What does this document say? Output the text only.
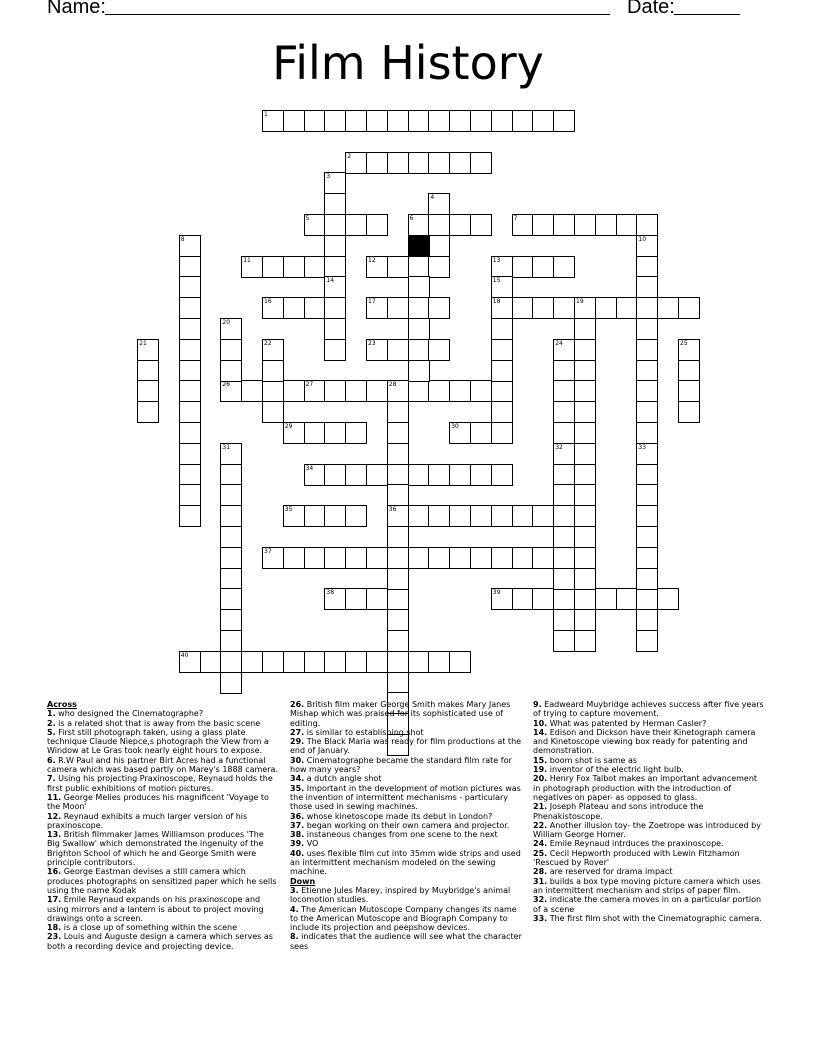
Name:	Date:
Film History
1
2
3
4
5	6	7
8	9	10
11	12	13
14	15
16	17	18	19
20
21	22	23	24	25
26	27	28
29	30
31	32	33
34
35	36
37
38	39
40
Across
1. who designed the Cinematographe?
2. is a related shot that is away from the basic scene
5. First still photograph taken, using a glass plate technique Claude Niepce,s photograph the View from a Window at Le Gras took nearly eight hours to expose.
6. R.W Paul and his partner Birt Acres had a functional camera which was based partly on Marey's 1888 camera.
7. Using his projecting Praxinoscope, Reynaud holds the first public exhibitions of motion pictures.
11. George Melies produces his magnificent 'Voyage to the Moon'
12. Reynaud exhibits a much larger version of his praxinoscope.
13. British filmmaker James Williamson produces 'The Big Swallow' which demonstrated the ingenuity of the Brighton School of which he and George Smith were principle contributors.
16. George Eastman devises a still camera which produces photographs on sensitized paper which he sells using the name Kodak
17. Emile Reynaud expands on his praxinoscope and using mirrors and a lantern is about to project moving drawings onto a screen.
18. is a close up of something within the scene
23. Louis and Auguste design a camera which serves as both a recording device and projecting device.
26. British film maker George Smith makes Mary Janes Mishap which was praised for its sophisticated use of editing.
27. is similar to establishing shot
29. The Black Maria was ready for film productions at the end of January.
30. Cinematographe became the standard film rate for how many years?
34. a dutch angle shot
35. Important in the development of motion pictures was the invention of intermittent mechanisms - particulary those used in sewing machines.
36. whose kinetoscope made its debut in London?
37. began working on their own camera and projector.
38. instaneous changes from one scene to the next
39. VO
40. uses flexible film cut into 35mm wide strips and used an intermittent mechanism modeled on the sewing machine.
Down
3. Etienne Jules Marey, inspired by Muybridge's animal locomotion studies.
4. The American Mutoscope Company changes its name to the American Mutoscope and Biograph Company to include its projection and peepshow devices.
8. indicates that the audience will see what the character sees
9. Eadweard Muybridge achieves success after five years of trying to capture movement.
10. What was patented by Herman Casler?
14. Edison and Dickson have their Kinetograph camera and Kinetoscope viewing box ready for patenting and demonstration.
15. boom shot is same as
19. inventor of the electric light bulb.
20. Henry Fox Talbot makes an important advancement in photograph production with the introduction of negatives on paper- as opposed to glass.
21. Joseph Plateau and sons introduce the Phenakistoscope.
22. Another illusion toy- the Zoetrope was introduced by William George Horner.
24. Emile Reynaud intrduces the praxinoscope.
25. Cecil Hepworth produced with Lewin Fitzhamon 'Rescued by Rover'
28. are reserved for drama impact
31. builds a box type moving picture camera which uses an intermittent mechanism and strips of paper film.
32. indicate the camera moves in on a particular portion of a scene
33. The first film shot with the Cinematographic camera.
